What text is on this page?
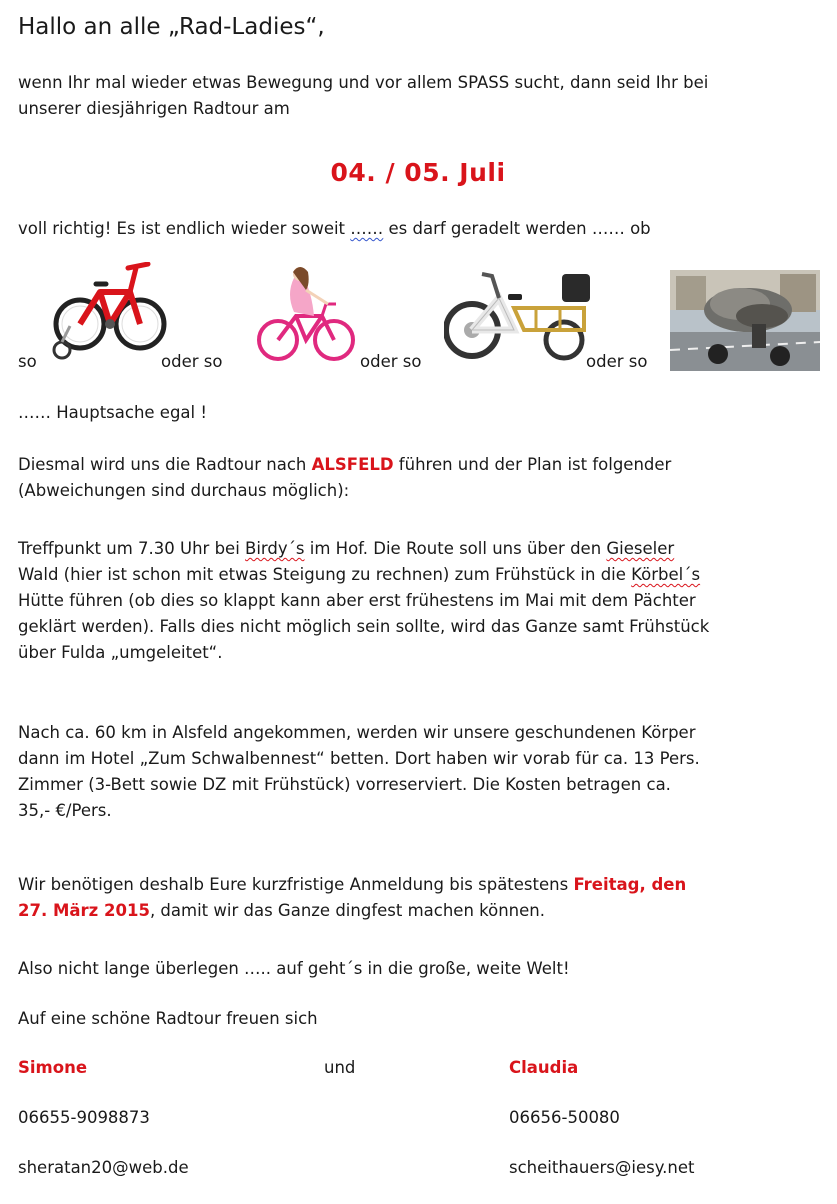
Hallo an alle „Rad-Ladies“,
wenn Ihr mal wieder etwas Bewegung und vor allem SPASS sucht, dann seid Ihr bei
unserer diesjährigen Radtour am
04. / 05. Juli
voll richtig! Es ist endlich wieder soweit …… es darf geradelt werden …… ob
so	oder so	oder so	oder so
…… Hauptsache egal !
Diesmal wird uns die Radtour nach ALSFELD führen und der Plan ist folgender
(Abweichungen sind durchaus möglich):
Treffpunkt um 7.30 Uhr bei Birdy´s im Hof. Die Route soll uns über den Gieseler
Wald (hier ist schon mit etwas Steigung zu rechnen) zum Frühstück in die Körbel´s
Hütte führen (ob dies so klappt kann aber erst frühestens im Mai mit dem Pächter
geklärt werden). Falls dies nicht möglich sein sollte, wird das Ganze samt Frühstück
über Fulda „umgeleitet“.
Nach ca. 60 km in Alsfeld angekommen, werden wir unsere geschundenen Körper
dann im Hotel „Zum Schwalbennest“ betten. Dort haben wir vorab für ca. 13 Pers.
Zimmer (3-Bett sowie DZ mit Frühstück) vorreserviert. Die Kosten betragen ca.
35,- €/Pers.
Wir benötigen deshalb Eure kurzfristige Anmeldung bis spätestens Freitag, den
27. März 2015, damit wir das Ganze dingfest machen können.
Also nicht lange überlegen ….. auf geht´s in die große, weite Welt!
Auf eine schöne Radtour freuen sich
Simone	und	Claudia
06655-9098873	06656-50080
sheratan20@web.de	scheithauers@iesy.net
